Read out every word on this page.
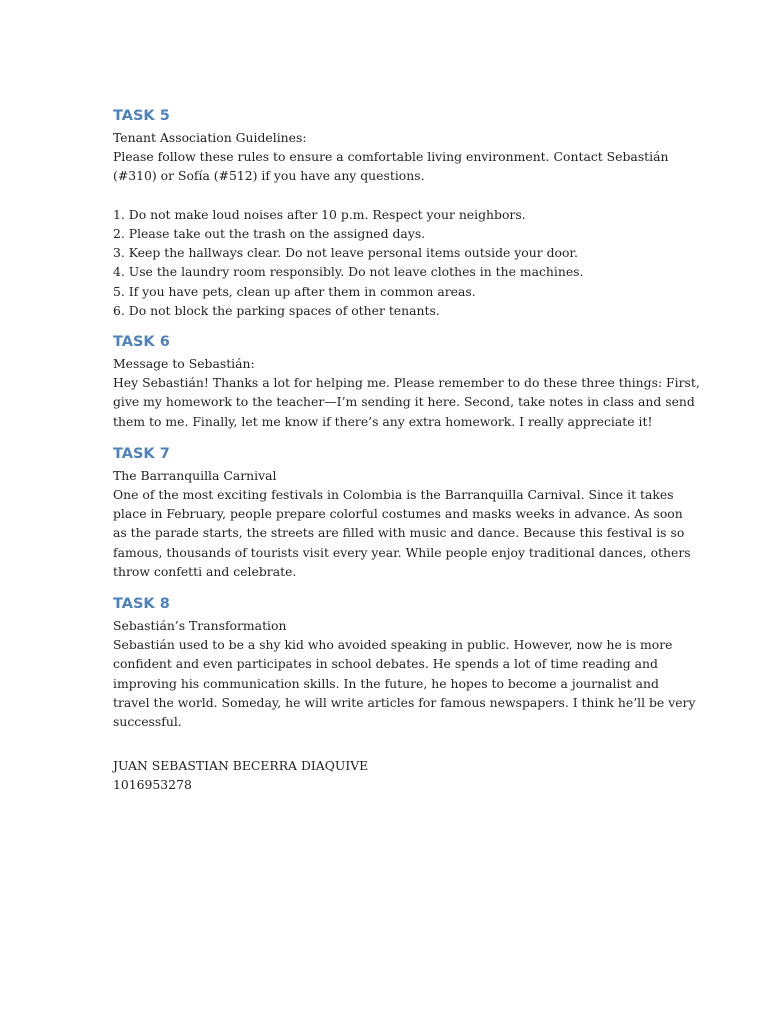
TASK 5

Tenant Association Guidelines:

Please follow these rules to ensure a comfortable living environment. Contact Sebastián

(#310) or Sofía (#512) if you have any questions.

1. Do not make loud noises after 10 p.m. Respect your neighbors.

2. Please take out the trash on the assigned days.

3. Keep the hallways clear. Do not leave personal items outside your door.

4. Use the laundry room responsibly. Do not leave clothes in the machines.

5. If you have pets, clean up after them in common areas.

6. Do not block the parking spaces of other tenants.

TASK 6

Message to Sebastián:

Hey Sebastián! Thanks a lot for helping me. Please remember to do these three things: First,

give my homework to the teacher—I’m sending it here. Second, take notes in class and send

them to me. Finally, let me know if there’s any extra homework. I really appreciate it!

TASK 7

The Barranquilla Carnival

One of the most exciting festivals in Colombia is the Barranquilla Carnival. Since it takes

place in February, people prepare colorful costumes and masks weeks in advance. As soon

as the parade starts, the streets are filled with music and dance. Because this festival is so

famous, thousands of tourists visit every year. While people enjoy traditional dances, others

throw confetti and celebrate.

TASK 8

Sebastián’s Transformation

Sebastián used to be a shy kid who avoided speaking in public. However, now he is more

confident and even participates in school debates. He spends a lot of time reading and

improving his communication skills. In the future, he hopes to become a journalist and

travel the world. Someday, he will write articles for famous newspapers. I think he’ll be very

successful.

JUAN SEBASTIAN BECERRA DIAQUIVE

1016953278
